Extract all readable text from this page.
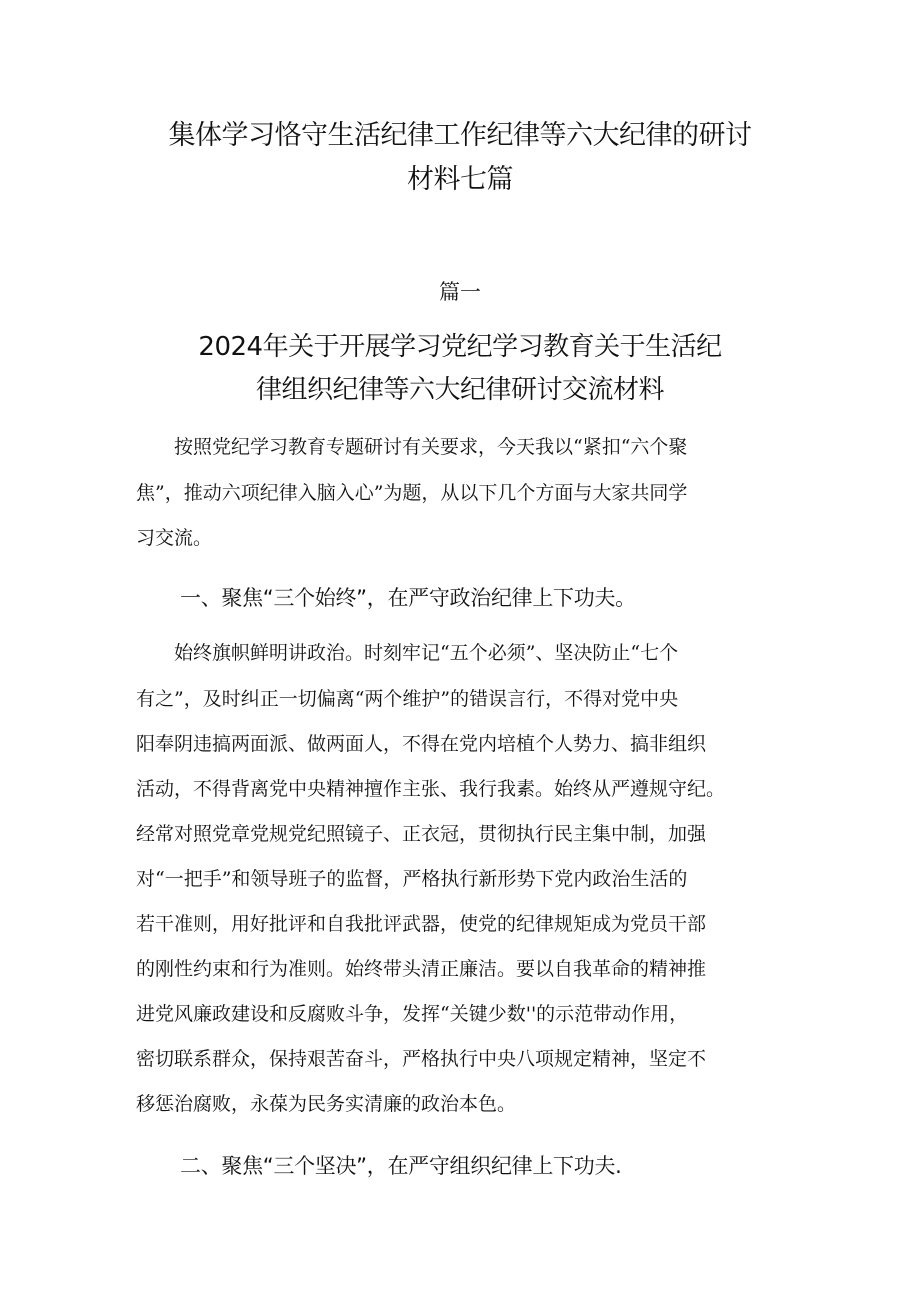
集体学习恪守生活纪律工作纪律等六大纪律的研讨
材料七篇
篇一
2024年关于开展学习党纪学习教育关于生活纪
律组织纪律等六大纪律研讨交流材料
　　按照党纪学习教育专题研讨有关要求，今天我以“紧扣“六个聚
焦”，推动六项纪律入脑入心”为题，从以下几个方面与大家共同学
习交流。
一、聚焦“三个始终”，在严守政治纪律上下功夫。
　　始终旗帜鲜明讲政治。时刻牢记“五个必须”、坚决防止“七个
有之”，及时纠正一切偏离“两个维护”的错误言行，不得对党中央
阳奉阴违搞两面派、做两面人，不得在党内培植个人势力、搞非组织
活动，不得背离党中央精神擅作主张、我行我素。始终从严遵规守纪。
经常对照党章党规党纪照镜子、正衣冠，贯彻执行民主集中制，加强
对“一把手”和领导班子的监督，严格执行新形势下党内政治生活的
若干准则，用好批评和自我批评武器，使党的纪律规矩成为党员干部
的刚性约束和行为准则。始终带头清正廉洁。要以自我革命的精神推
进党风廉政建设和反腐败斗争，发挥“关键少数''的示范带动作用，
密切联系群众，保持艰苦奋斗，严格执行中央八项规定精神，坚定不
移惩治腐败，永葆为民务实清廉的政治本色。
二、聚焦“三个坚决”，在严守组织纪律上下功夫.
